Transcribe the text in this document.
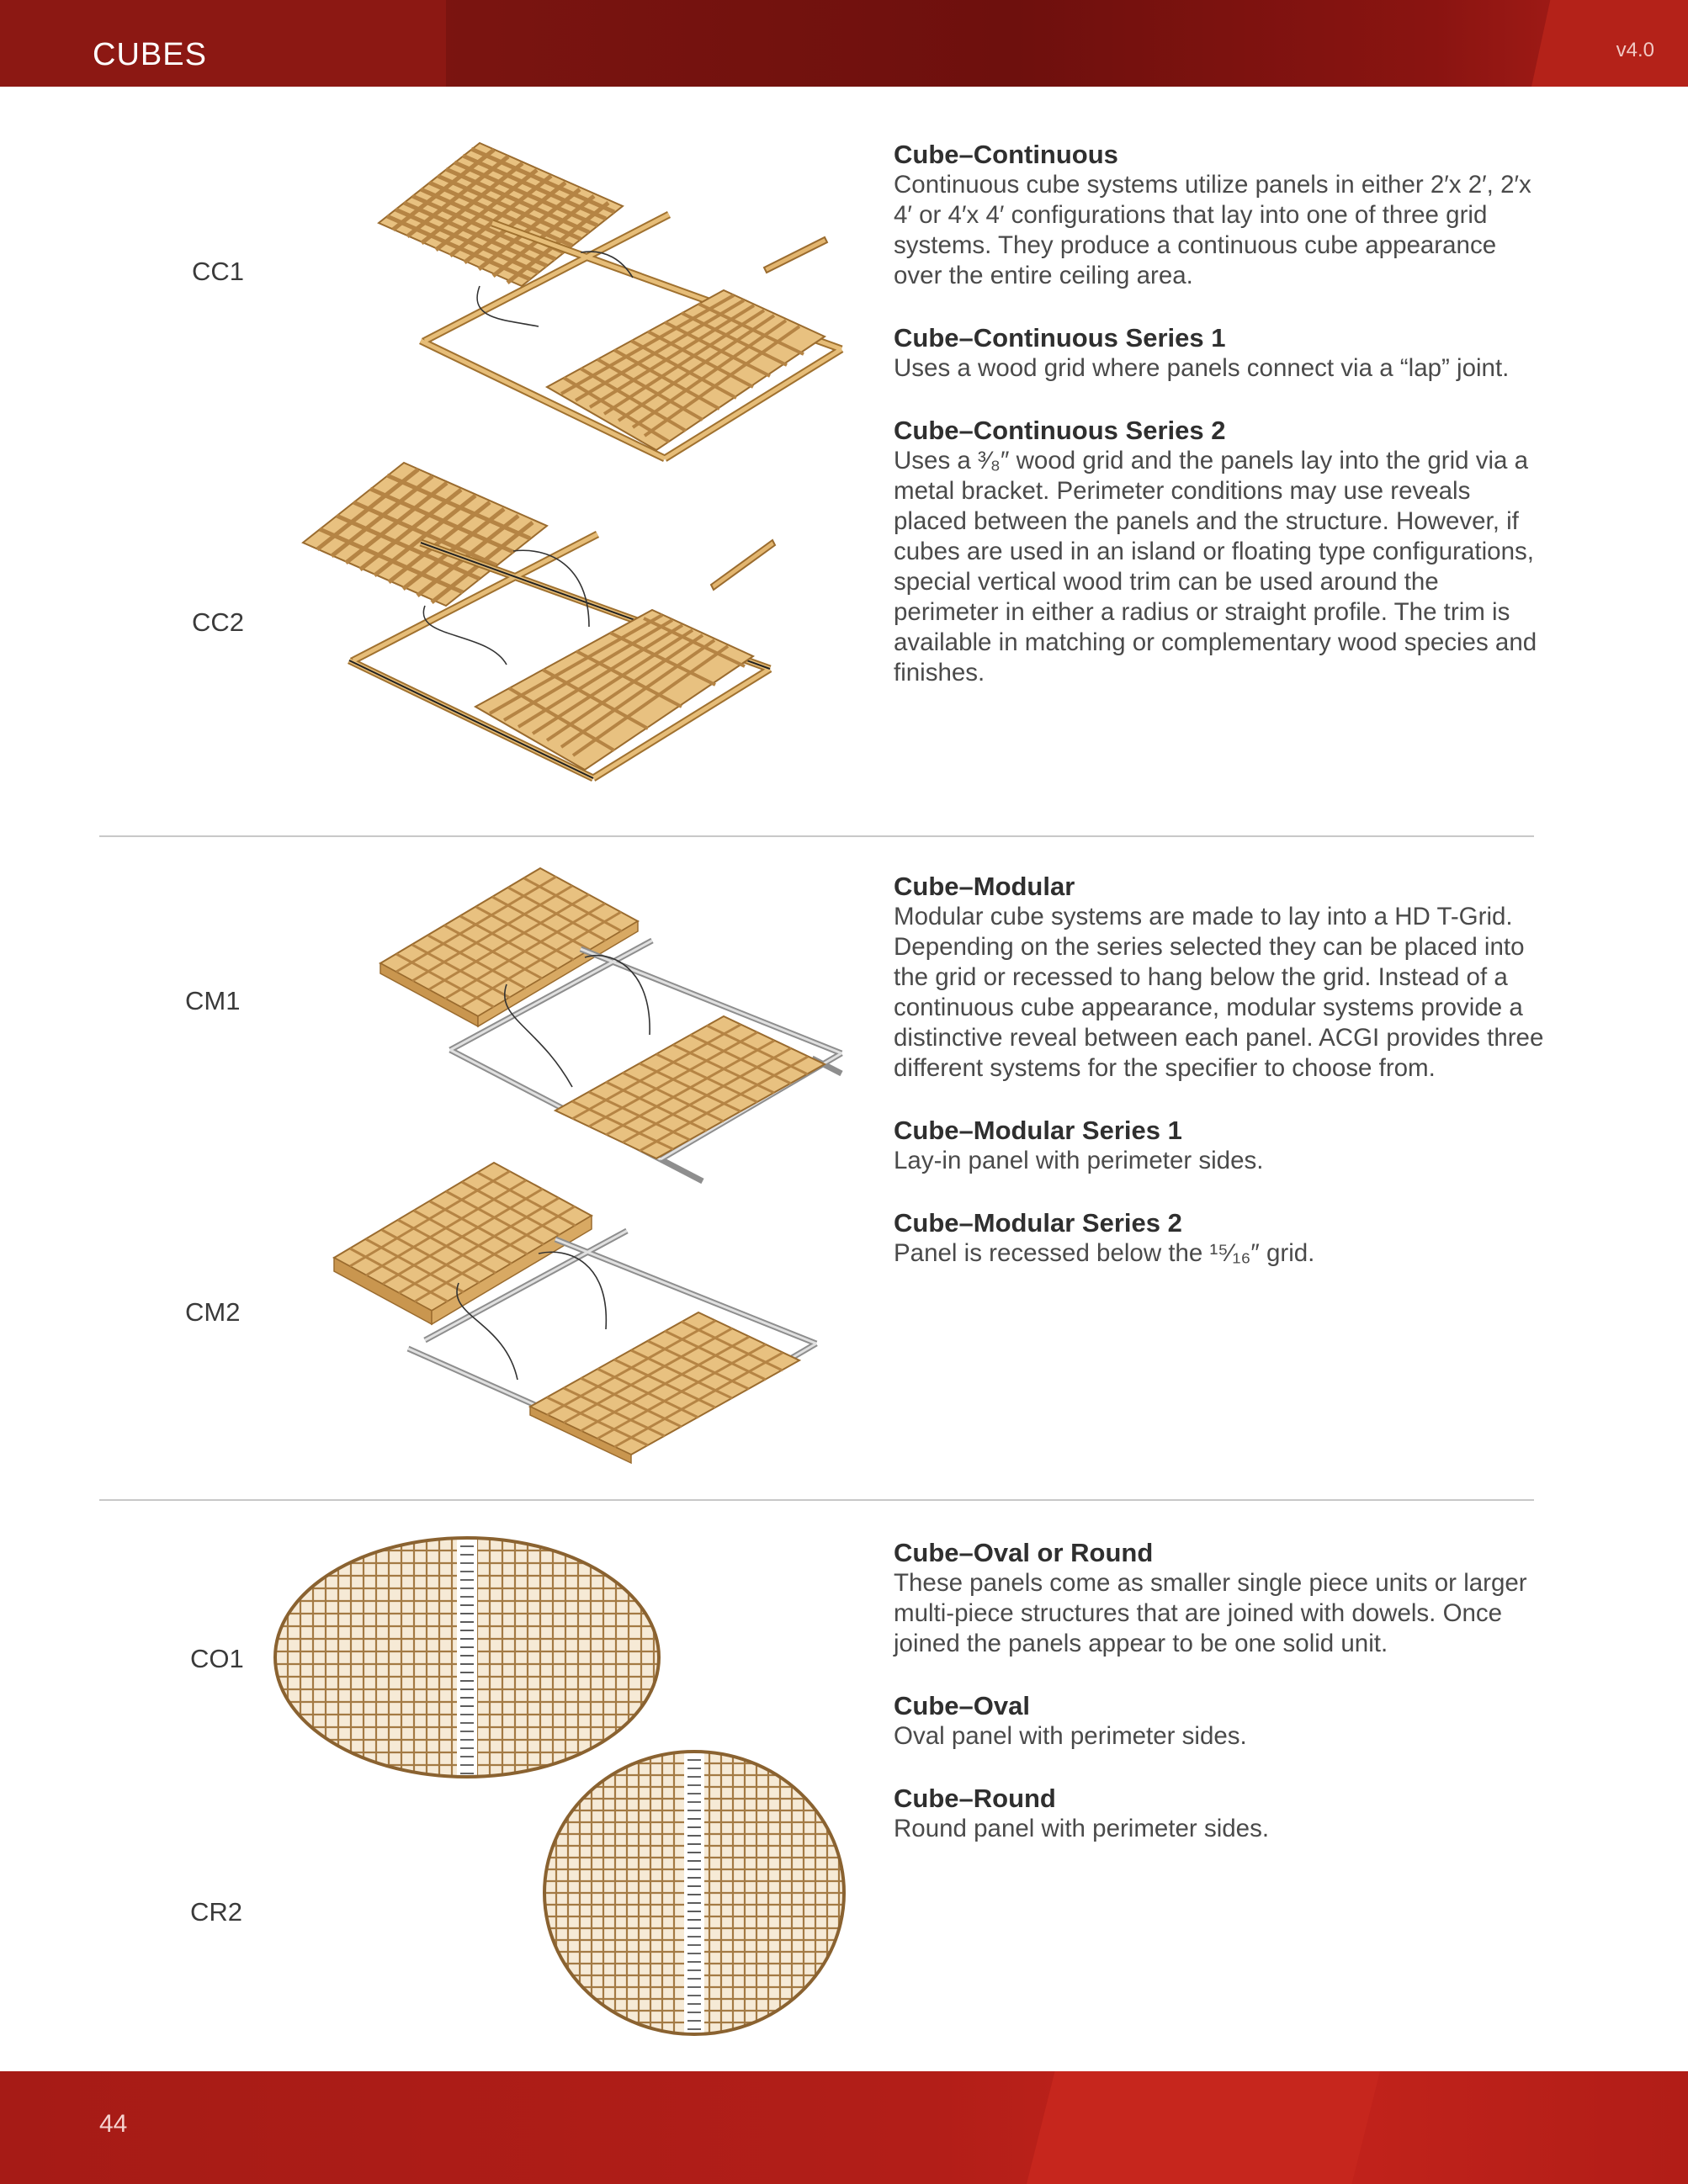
CUBES	v4.0
CC1
CC2
Cube–Continuous

Continuous cube systems utilize panels in either 2′x 2′, 2′x 4′ or 4′x 4′ configurations that lay into one of three grid systems. They produce a continuous cube appearance over the entire ceiling area.

Cube–Continuous Series 1

Uses a wood grid where panels connect via a “lap” joint.

Cube–Continuous Series 2

Uses a ³⁄₈″ wood grid and the panels lay into the grid via a metal bracket. Perimeter conditions may use reveals placed between the panels and the structure. However, if cubes are used in an island or floating type configurations, special vertical wood trim can be used around the perimeter in either a radius or straight profile. The trim is available in matching or complementary wood species and finishes.

CM1
CM2
Cube–Modular

Modular cube systems are made to lay into a HD T-Grid. Depending on the series selected they can be placed into the grid or recessed to hang below the grid. Instead of a continuous cube appearance, modular systems provide a distinctive reveal between each panel. ACGI provides three different systems for the specifier to choose from.

Cube–Modular Series 1

Lay-in panel with perimeter sides.

Cube–Modular Series 2

Panel is recessed below the ¹⁵⁄₁₆″ grid.

CO1
CR2
Cube–Oval or Round

These panels come as smaller single piece units or larger multi-piece structures that are joined with dowels. Once joined the panels appear to be one solid unit.

Cube–Oval

Oval panel with perimeter sides.

Cube–Round

Round panel with perimeter sides.

44
